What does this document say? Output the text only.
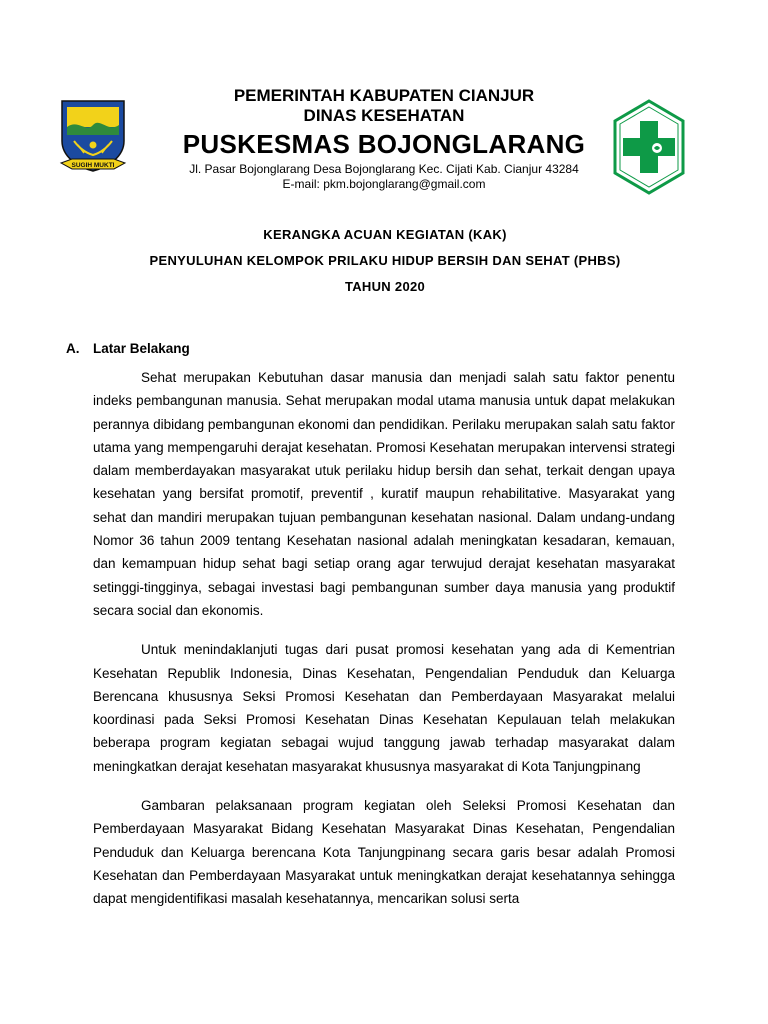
SUGIH MUKTI
PEMERINTAH KABUPATEN CIANJUR
DINAS KESEHATAN
PUSKESMAS BOJONGLARANG
Jl. Pasar Bojonglarang Desa Bojonglarang Kec. Cijati Kab. Cianjur 43284
E-mail: pkm.bojonglarang@gmail.com
KERANGKA ACUAN KEGIATAN (KAK)
PENYULUHAN KELOMPOK PRILAKU HIDUP BERSIH DAN SEHAT (PHBS)
TAHUN 2020
A. Latar Belakang

Sehat merupakan Kebutuhan dasar manusia dan menjadi salah satu faktor penentu indeks pembangunan manusia. Sehat merupakan modal utama manusia untuk dapat melakukan perannya dibidang pembangunan ekonomi dan pendidikan. Perilaku merupakan salah satu faktor utama yang mempengaruhi derajat kesehatan. Promosi Kesehatan merupakan intervensi strategi dalam memberdayakan masyarakat utuk perilaku hidup bersih dan sehat, terkait dengan upaya kesehatan yang bersifat promotif, preventif , kuratif maupun rehabilitative. Masyarakat yang sehat dan mandiri merupakan tujuan pembangunan kesehatan nasional. Dalam undang-undang Nomor 36 tahun 2009 tentang Kesehatan nasional adalah meningkatan kesadaran, kemauan, dan kemampuan hidup sehat bagi setiap orang agar terwujud derajat kesehatan masyarakat setinggi-tingginya, sebagai investasi bagi pembangunan sumber daya manusia yang produktif secara social dan ekonomis.

Untuk menindaklanjuti tugas dari pusat promosi kesehatan yang ada di Kementrian Kesehatan Republik Indonesia, Dinas Kesehatan, Pengendalian Penduduk dan Keluarga Berencana khususnya Seksi Promosi Kesehatan dan Pemberdayaan Masyarakat melalui koordinasi pada Seksi Promosi Kesehatan Dinas Kesehatan Kepulauan telah melakukan beberapa program kegiatan sebagai wujud tanggung jawab terhadap masyarakat dalam meningkatkan derajat kesehatan masyarakat khususnya masyarakat di Kota Tanjungpinang

Gambaran pelaksanaan program kegiatan oleh Seleksi Promosi Kesehatan dan Pemberdayaan Masyarakat Bidang Kesehatan Masyarakat Dinas Kesehatan, Pengendalian Penduduk dan Keluarga berencana Kota Tanjungpinang secara garis besar adalah Promosi Kesehatan dan Pemberdayaan Masyarakat untuk meningkatkan derajat kesehatannya sehingga dapat mengidentifikasi masalah kesehatannya, mencarikan solusi serta
